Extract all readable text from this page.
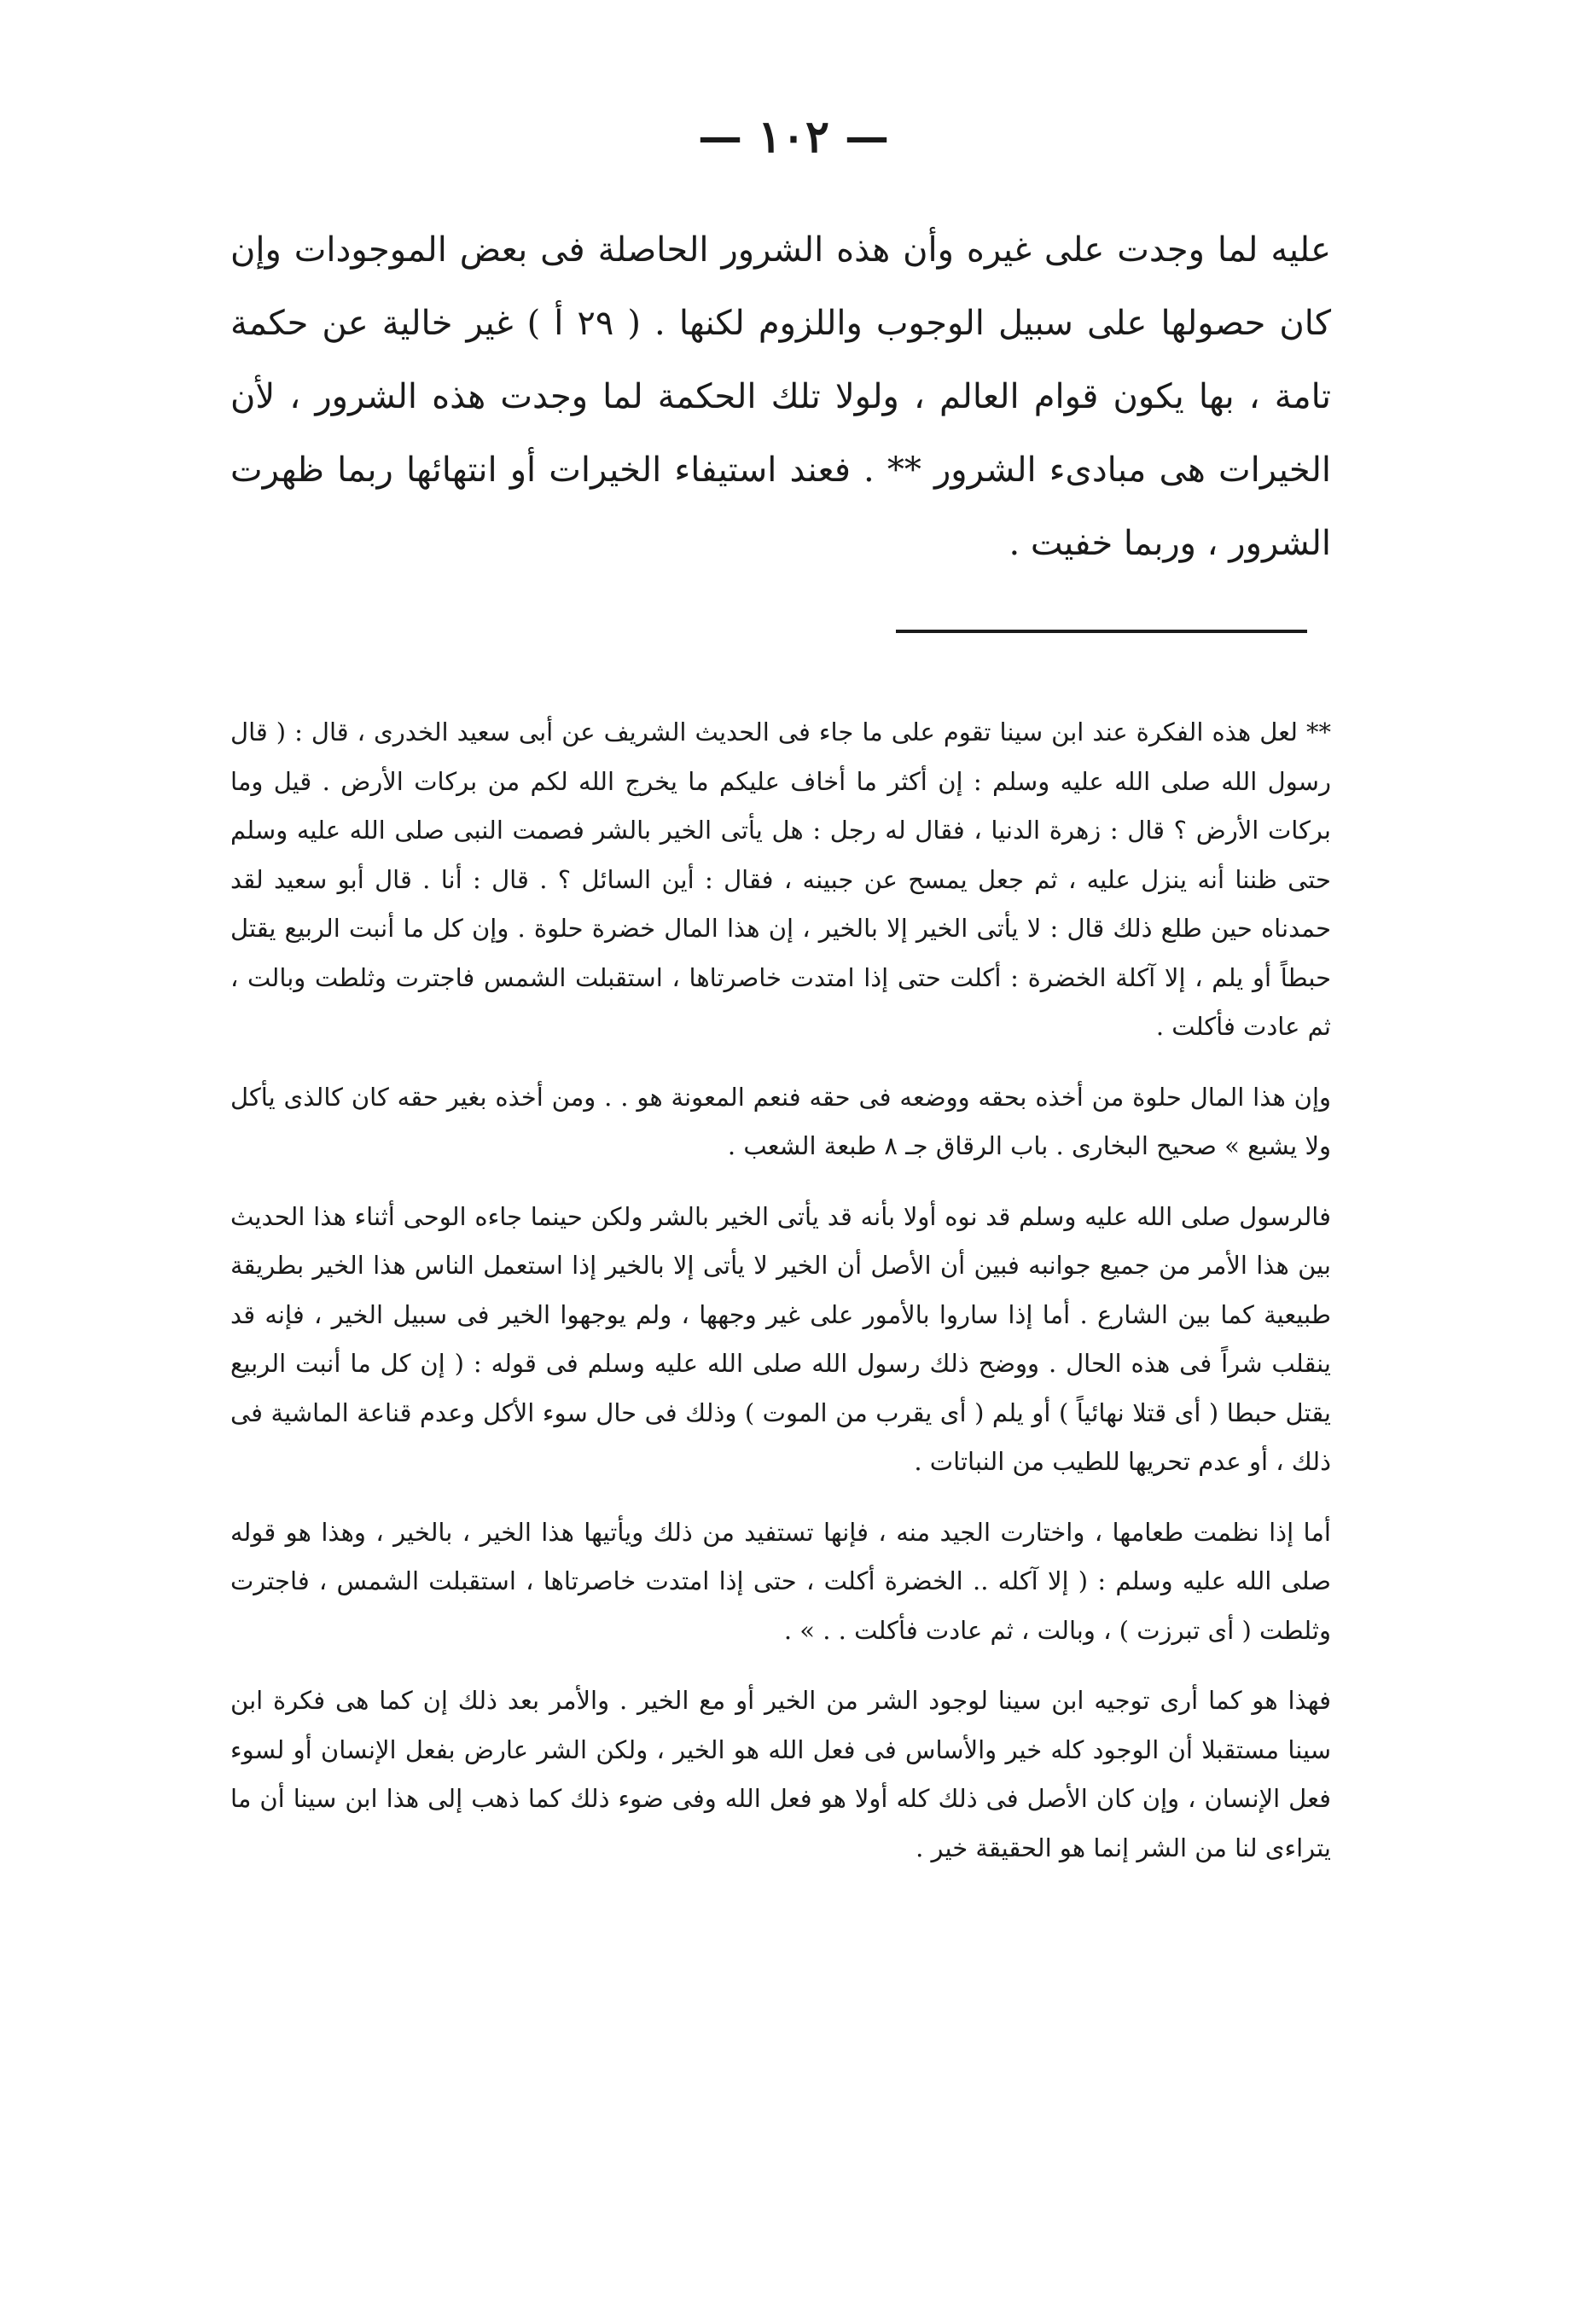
— ١٠٢ —

عليه لما وجدت على غيره وأن هذه الشرور الحاصلة فى بعض الموجودات وإن كان حصولها على سبيل الوجوب واللزوم لكنها . ( ٢٩ أ ) غير خالية عن حكمة تامة ، بها يكون قوام العالم ، ولولا تلك الحكمة لما وجدت هذه الشرور ، لأن الخيرات هى مبادىء الشرور ** . فعند استيفاء الخيرات أو انتهائها ربما ظهرت الشرور ، وربما خفيت .

** لعل هذه الفكرة عند ابن سينا تقوم على ما جاء فى الحديث الشريف عن أبى سعيد الخدرى ، قال : ( قال رسول الله صلى الله عليه وسلم : إن أكثر ما أخاف عليكم ما يخرج الله لكم من بركات الأرض . قيل وما بركات الأرض ؟ قال : زهرة الدنيا ، فقال له رجل : هل يأتى الخير بالشر فصمت النبى صلى الله عليه وسلم حتى ظننا أنه ينزل عليه ، ثم جعل يمسح عن جبينه ، فقال : أين السائل ؟ . قال : أنا . قال أبو سعيد لقد حمدناه حين طلع ذلك قال : لا يأتى الخير إلا بالخير ، إن هذا المال خضرة حلوة . وإن كل ما أنبت الربيع يقتل حبطاً أو يلم ، إلا آكلة الخضرة : أكلت حتى إذا امتدت خاصرتاها ، استقبلت الشمس فاجترت وثلطت وبالت ، ثم عادت فأكلت .

وإن هذا المال حلوة من أخذه بحقه ووضعه فى حقه فنعم المعونة هو . . ومن أخذه بغير حقه كان كالذى يأكل ولا يشبع » صحيح البخارى . باب الرقاق جـ ٨ طبعة الشعب .

فالرسول صلى الله عليه وسلم قد نوه أولا بأنه قد يأتى الخير بالشر ولكن حينما جاءه الوحى أثناء هذا الحديث بين هذا الأمر من جميع جوانبه فبين أن الأصل أن الخير لا يأتى إلا بالخير إذا استعمل الناس هذا الخير بطريقة طبيعية كما بين الشارع . أما إذا ساروا بالأمور على غير وجهها ، ولم يوجهوا الخير فى سبيل الخير ، فإنه قد ينقلب شراً فى هذه الحال . ووضح ذلك رسول الله صلى الله عليه وسلم فى قوله : ( إن كل ما أنبت الربيع يقتل حبطا ( أى قتلا نهائياً ) أو يلم ( أى يقرب من الموت ) وذلك فى حال سوء الأكل وعدم قناعة الماشية فى ذلك ، أو عدم تحريها للطيب من النباتات .

أما إذا نظمت طعامها ، واختارت الجيد منه ، فإنها تستفيد من ذلك ويأتيها هذا الخير ، بالخير ، وهذا هو قوله صلى الله عليه وسلم : ( إلا آكله .. الخضرة أكلت ، حتى إذا امتدت خاصرتاها ، استقبلت الشمس ، فاجترت وثلطت ( أى تبرزت ) ، وبالت ، ثم عادت فأكلت . . » .

فهذا هو كما أرى توجيه ابن سينا لوجود الشر من الخير أو مع الخير . والأمر بعد ذلك إن كما هى فكرة ابن سينا مستقبلا أن الوجود كله خير والأساس فى فعل الله هو الخير ، ولكن الشر عارض بفعل الإنسان أو لسوء فعل الإنسان ، وإن كان الأصل فى ذلك كله أولا هو فعل الله وفى ضوء ذلك كما ذهب إلى هذا ابن سينا أن ما يتراءى لنا من الشر إنما هو الحقيقة خير .
